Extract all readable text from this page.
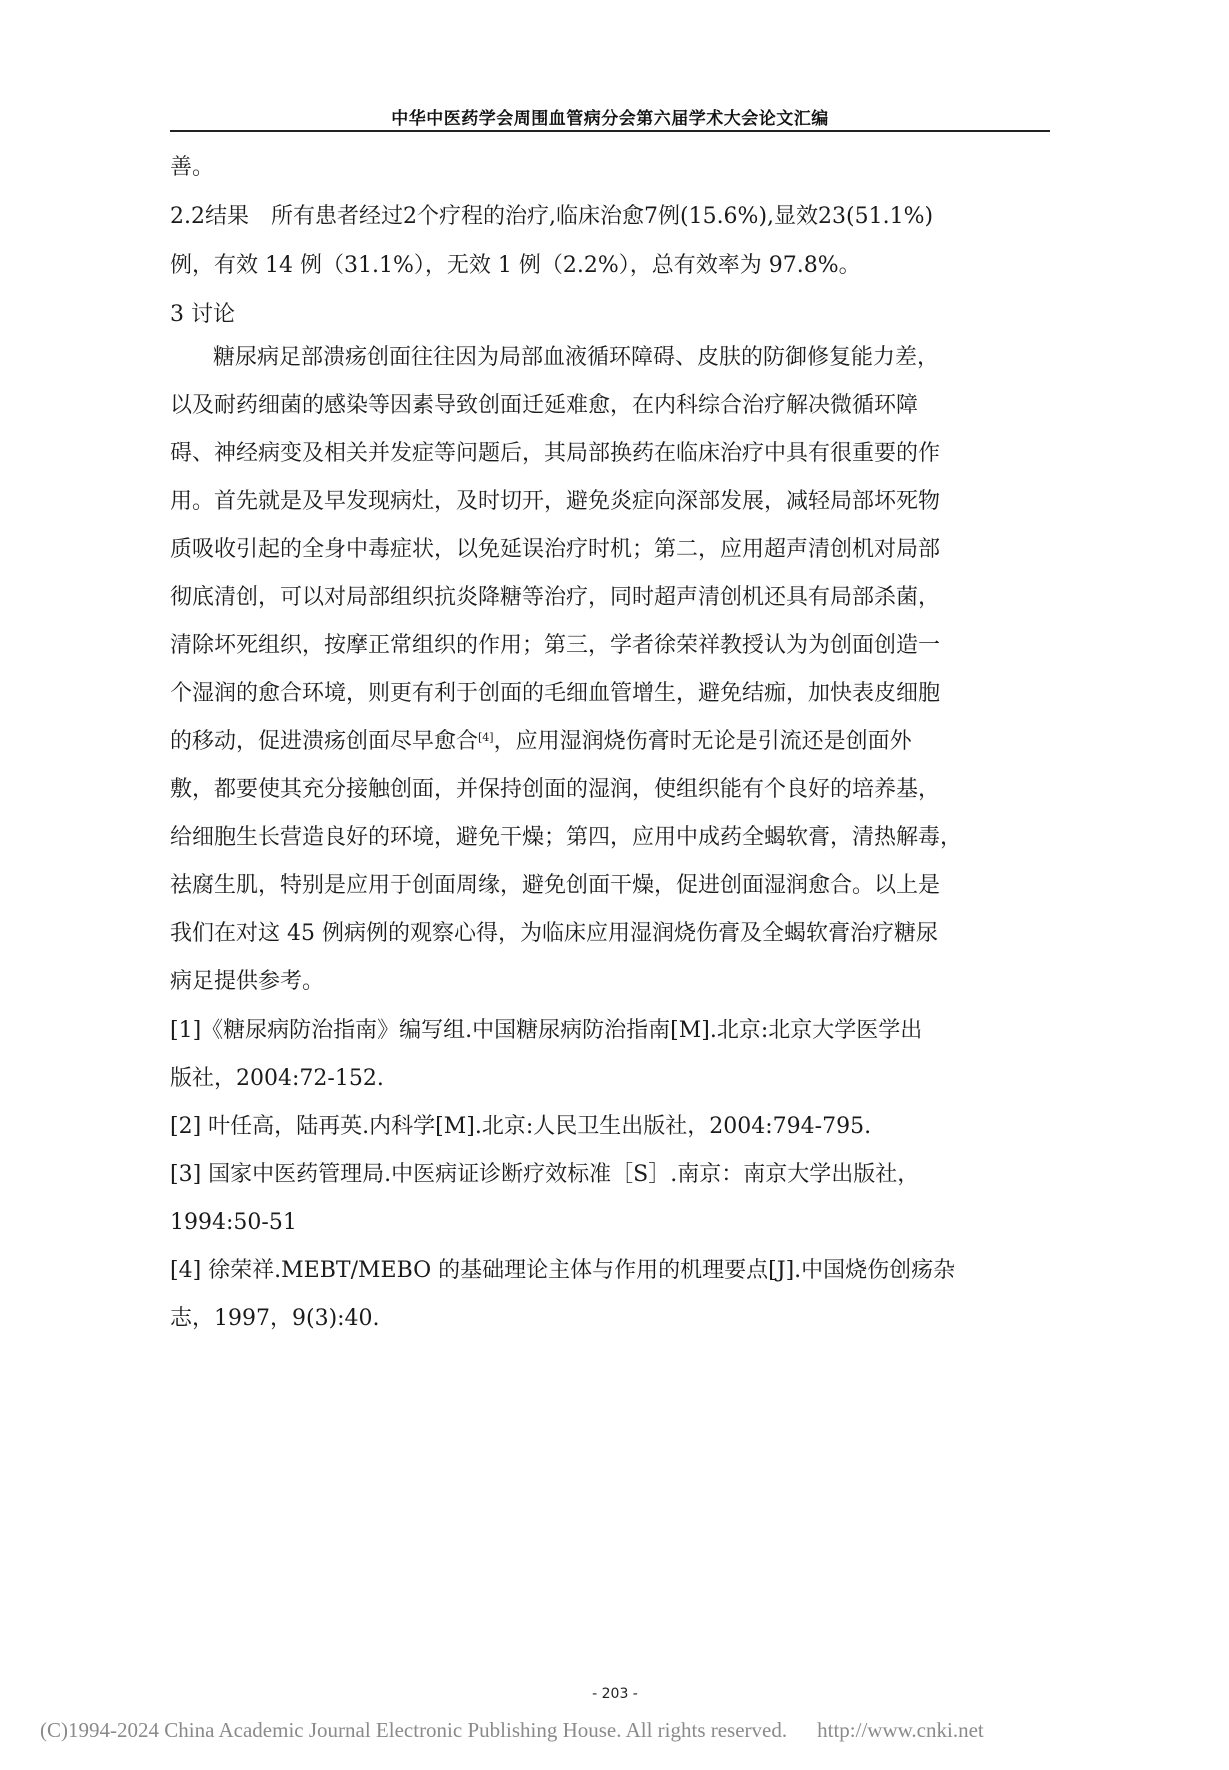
中华中医药学会周围血管病分会第六届学术大会论文汇编
善。
2.2结果 所有患者经过2个疗程的治疗,临床治愈7例(15.6%),显效23(51.1%)
例，有效 14 例（31.1%），无效 1 例（2.2%），总有效率为 97.8%。
3 讨论
糖尿病足部溃疡创面往往因为局部血液循环障碍、皮肤的防御修复能力差，
以及耐药细菌的感染等因素导致创面迁延难愈，在内科综合治疗解决微循环障
碍、神经病变及相关并发症等问题后，其局部换药在临床治疗中具有很重要的作
用。首先就是及早发现病灶，及时切开，避免炎症向深部发展，减轻局部坏死物
质吸收引起的全身中毒症状，以免延误治疗时机；第二，应用超声清创机对局部
彻底清创，可以对局部组织抗炎降糖等治疗，同时超声清创机还具有局部杀菌，
清除坏死组织，按摩正常组织的作用；第三，学者徐荣祥教授认为为创面创造一
个湿润的愈合环境，则更有利于创面的毛细血管增生，避免结痂，加快表皮细胞
的移动，促进溃疡创面尽早愈合[4]，应用湿润烧伤膏时无论是引流还是创面外
敷，都要使其充分接触创面，并保持创面的湿润，使组织能有个良好的培养基，
给细胞生长营造良好的环境，避免干燥；第四，应用中成药全蝎软膏，清热解毒，
祛腐生肌，特别是应用于创面周缘，避免创面干燥，促进创面湿润愈合。以上是
我们在对这 45 例病例的观察心得，为临床应用湿润烧伤膏及全蝎软膏治疗糖尿
病足提供参考。
[1]《糖尿病防治指南》编写组.中国糖尿病防治指南[M].北京:北京大学医学出
版社，2004:72-152.
[2] 叶任高，陆再英.内科学[M].北京:人民卫生出版社，2004:794-795.
[3] 国家中医药管理局.中医病证诊断疗效标准［S］.南京：南京大学出版社，
1994:50-51
[4] 徐荣祥.MEBT/MEBO 的基础理论主体与作用的机理要点[J].中国烧伤创疡杂
志，1997，9(3):40.
- 203 -
(C)1994-2024 China Academic Journal Electronic Publishing House. All rights reserved. http://www.cnki.net
